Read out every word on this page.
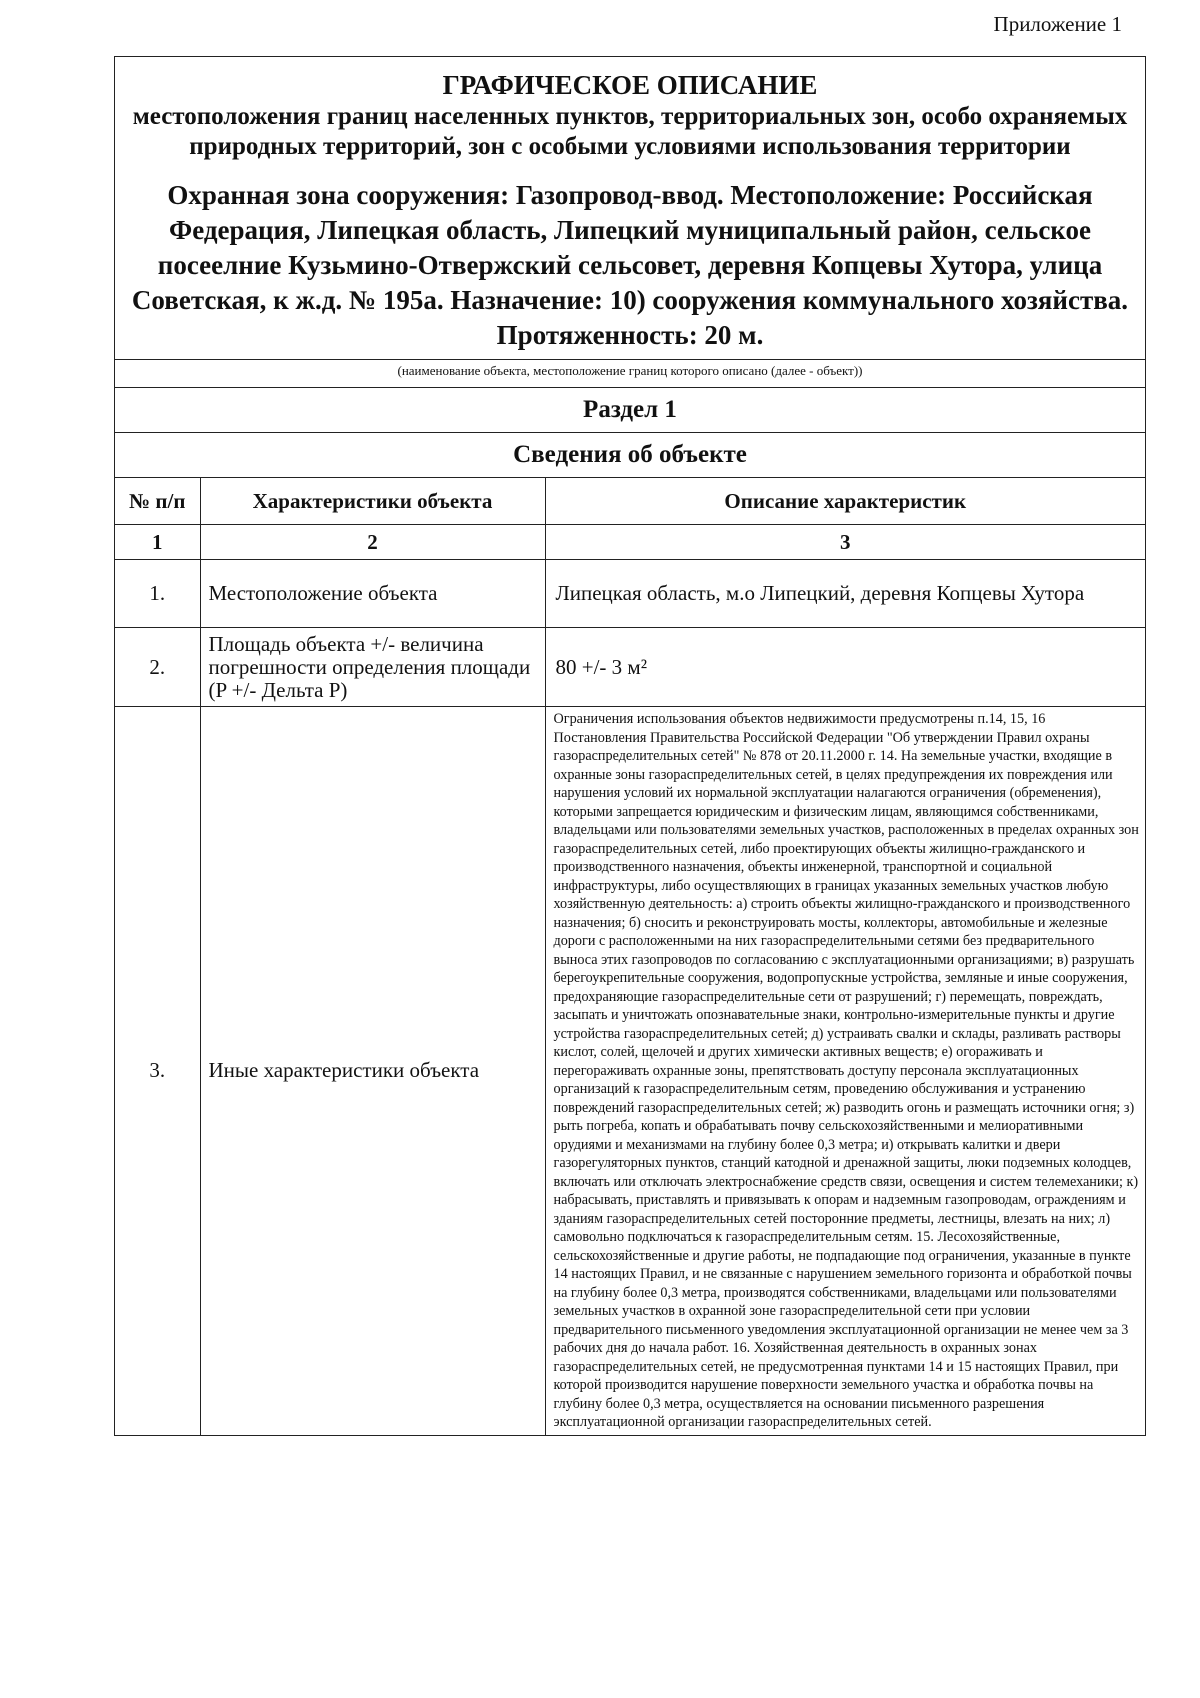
Приложение 1
ГРАФИЧЕСКОЕ ОПИСАНИЕ
местоположения границ населенных пунктов, территориальных зон, особо охраняемых природных территорий, зон с особыми условиями использования территории
Охранная зона сооружения: Газопровод-ввод. Местоположение: Российская Федерация, Липецкая область, Липецкий муниципальный район, сельское посеелние Кузьмино-Отвержский сельсовет, деревня Копцевы Хутора, улица Советская, к ж.д. № 195а. Назначение: 10) сооружения коммунального хозяйства. Протяженность: 20 м.
(наименование объекта, местоположение границ которого описано (далее - объект))
Раздел 1
Сведения об объекте
№ п/п	Характеристики объекта	Описание характеристик
1	2	3
1.	Местоположение объекта	Липецкая область, м.о Липецкий, деревня Копцевы Хутора
2.	Площадь объекта +/- величина погрешности определения площади (P +/- Дельта P)	80 +/- 3 м²
3.	Иные характеристики объекта	Ограничения использования объектов недвижимости предусмотрены п.14, 15, 16 Постановления Правительства Российской Федерации "Об утверждении Правил охраны газораспределительных сетей" № 878 от 20.11.2000 г. 14. На земельные участки, входящие в охранные зоны газораспределительных сетей, в целях предупреждения их повреждения или нарушения условий их нормальной эксплуатации налагаются ограничения (обременения), которыми запрещается юридическим и физическим лицам, являющимся собственниками, владельцами или пользователями земельных участков, расположенных в пределах охранных зон газораспределительных сетей, либо проектирующих объекты жилищно-гражданского и производственного назначения, объекты инженерной, транспортной и социальной инфраструктуры, либо осуществляющих в границах указанных земельных участков любую хозяйственную деятельность: а) строить объекты жилищно-гражданского и производственного назначения; б) сносить и реконструировать мосты, коллекторы, автомобильные и железные дороги с расположенными на них газораспределительными сетями без предварительного выноса этих газопроводов по согласованию с эксплуатационными организациями; в) разрушать берегоукрепительные сооружения, водопропускные устройства, земляные и иные сооружения, предохраняющие газораспределительные сети от разрушений; г) перемещать, повреждать, засыпать и уничтожать опознавательные знаки, контрольно-измерительные пункты и другие устройства газораспределительных сетей; д) устраивать свалки и склады, разливать растворы кислот, солей, щелочей и других химически активных веществ; е) огораживать и перегораживать охранные зоны, препятствовать доступу персонала эксплуатационных организаций к газораспределительным сетям, проведению обслуживания и устранению повреждений газораспределительных сетей; ж) разводить огонь и размещать источники огня; з) рыть погреба, копать и обрабатывать почву сельскохозяйственными и мелиоративными орудиями и механизмами на глубину более 0,3 метра; и) открывать калитки и двери газорегуляторных пунктов, станций катодной и дренажной защиты, люки подземных колодцев, включать или отключать электроснабжение средств связи, освещения и систем телемеханики; к) набрасывать, приставлять и привязывать к опорам и надземным газопроводам, ограждениям и зданиям газораспределительных сетей посторонние предметы, лестницы, влезать на них; л) самовольно подключаться к газораспределительным сетям. 15. Лесохозяйственные, сельскохозяйственные и другие работы, не подпадающие под ограничения, указанные в пункте 14 настоящих Правил, и не связанные с нарушением земельного горизонта и обработкой почвы на глубину более 0,3 метра, производятся собственниками, владельцами или пользователями земельных участков в охранной зоне газораспределительной сети при условии предварительного письменного уведомления эксплуатационной организации не менее чем за 3 рабочих дня до начала работ. 16. Хозяйственная деятельность в охранных зонах газораспределительных сетей, не предусмотренная пунктами 14 и 15 настоящих Правил, при которой производится нарушение поверхности земельного участка и обработка почвы на глубину более 0,3 метра, осуществляется на основании письменного разрешения эксплуатационной организации газораспределительных сетей.
